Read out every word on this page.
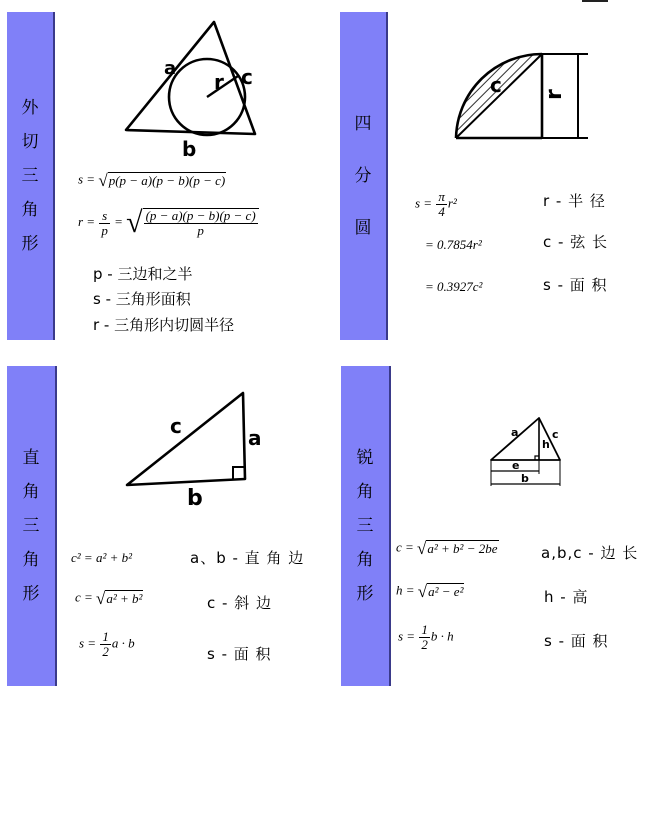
外
切
三
角
形
a
r c
b
s = √p(p − a)(p − b)(p − c)
$r = \frac{s}{p}$ = √ $\frac{(p - a)(p - b)(p - c)}{p}$
p - 三边和之半
s - 三角形面积
r - 三角形内切圆半径
四
分
圆
c r
$s = \frac{\pi}{4} r^2$
= 0.7854r²
= 0.3927c²
r - 半 径
c - 弦 长
s - 面 积
直
角
三
角
形
c	a
b
c² = a² + b²
c = √a² + b²
$s = \frac{1}{2}$ a · b
a、b - 直 角 边
c - 斜 边
s - 面 积
锐
角
三
角
形
a
h
c
e
b
c = √a² + b² − 2be
h = √a² − e²
$s = \frac{1}{2}$ b · h
a,b,c - 边 长
h - 高
s - 面 积
